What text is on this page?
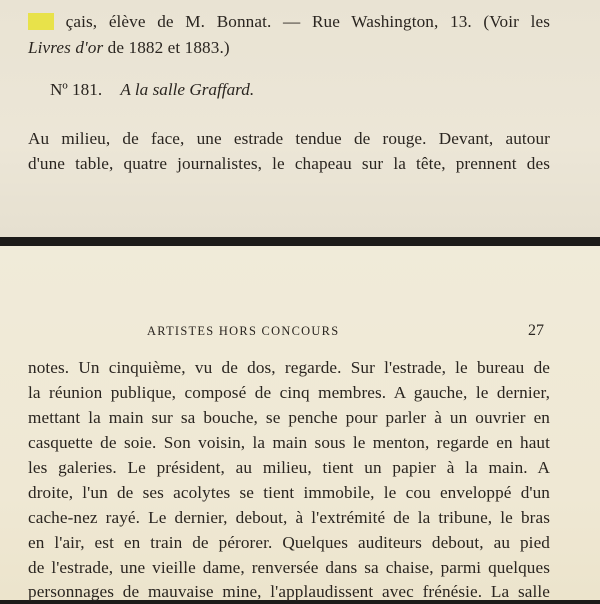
çais, élève de M. Bonnat. — Rue Washington, 13. (Voir les
Livres d'or de 1882 et 1883.)
Nº 181. A la salle Graffard.
Au milieu, de face, une estrade tendue de rouge. Devant, autour
d'une table, quatre journalistes, le chapeau sur la tête, prennent des
ARTISTES HORS CONCOURS	27
notes. Un cinquième, vu de dos, regarde. Sur l'estrade, le bureau de
la réunion publique, composé de cinq membres. A gauche, le dernier,
mettant la main sur sa bouche, se penche pour parler à un ouvrier en
casquette de soie. Son voisin, la main sous le menton, regarde en haut
les galeries. Le président, au milieu, tient un papier à la main. A
droite, l'un de ses acolytes se tient immobile, le cou enveloppé d'un
cache-nez rayé. Le dernier, debout, à l'extrémité de la tribune, le bras
en l'air, est en train de pérorer. Quelques auditeurs debout, au pied
de l'estrade, une vieille dame, renversée dans sa chaise, parmi quelques
personnages de mauvaise mine, l'applaudissent avec frénésie. La salle
